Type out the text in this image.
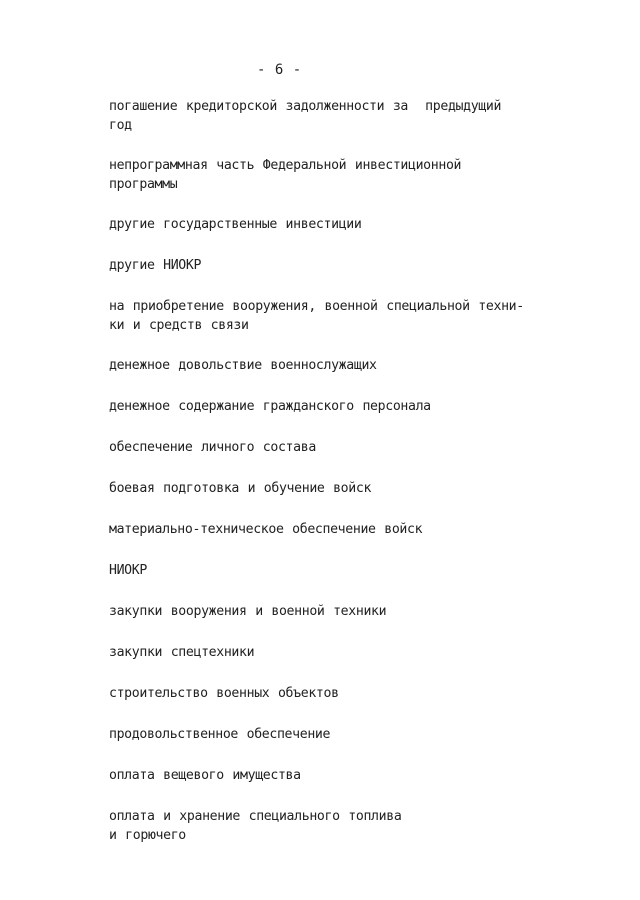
- 6 -
погашение кредиторской задолженности за  предыдущий
год
непрограммная часть Федеральной инвестиционной
программы
другие государственные инвестиции
другие НИОКР
на приобретение вооружения, военной специальной техни-
ки и средств связи
денежное довольствие военнослужащих
денежное содержание гражданского персонала
обеспечение личного состава
боевая подготовка и обучение войск
материально-техническое обеспечение войск
НИОКР
закупки вооружения и военной техники
закупки спецтехники
строительство военных объектов
продовольственное обеспечение
оплата вещевого имущества
оплата и хранение специального топлива
и горючего
